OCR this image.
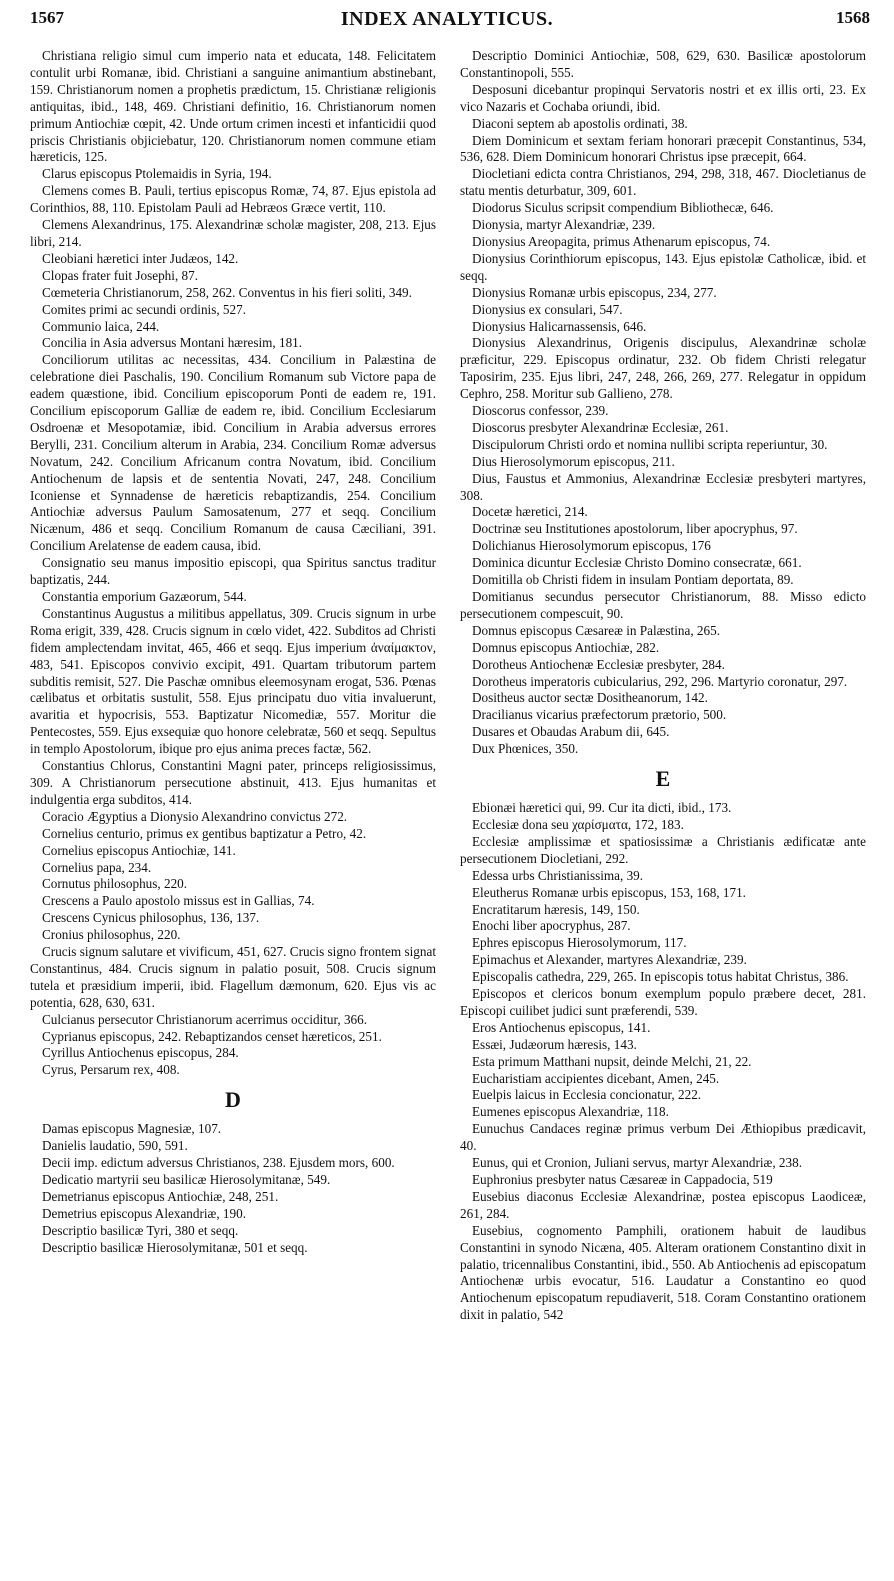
1567	INDEX ANALYTICUS.	1568

Christiana religio simul cum imperio nata et educata, 148. Felicitatem contulit urbi Romanæ, ibid. Christiani a sanguine animantium abstinebant, 159. Christianorum nomen a prophetis prædictum, 15. Christianæ religionis antiquitas, ibid., 148, 469. Christiani definitio, 16. Christianorum nomen primum Antiochiæ cœpit, 42. Unde ortum crimen incesti et infanticidii quod priscis Christianis objiciebatur, 120. Christianorum nomen commune etiam hæreticis, 125.

Clarus episcopus Ptolemaidis in Syria, 194.

Clemens comes B. Pauli, tertius episcopus Romæ, 74, 87. Ejus epistola ad Corinthios, 88, 110. Epistolam Pauli ad Hebræos Græce vertit, 110.

Clemens Alexandrinus, 175. Alexandrinæ scholæ magister, 208, 213. Ejus libri, 214.

Cleobiani hæretici inter Judæos, 142.

Clopas frater fuit Josephi, 87.

Cœmeteria Christianorum, 258, 262. Conventus in his fieri soliti, 349.

Comites primi ac secundi ordinis, 527.

Communio laica, 244.

Concilia in Asia adversus Montani hæresim, 181.

Conciliorum utilitas ac necessitas, 434. Concilium in Palæstina de celebratione diei Paschalis, 190. Concilium Romanum sub Victore papa de eadem quæstione, ibid. Concilium episcoporum Ponti de eadem re, 191. Concilium episcoporum Galliæ de eadem re, ibid. Concilium Ecclesiarum Osdroenæ et Mesopotamiæ, ibid. Concilium in Arabia adversus errores Berylli, 231. Concilium alterum in Arabia, 234. Concilium Romæ adversus Novatum, 242. Concilium Africanum contra Novatum, ibid. Concilium Antiochenum de lapsis et de sententia Novati, 247, 248. Concilium Iconiense et Synnadense de hæreticis rebaptizandis, 254. Concilium Antiochiæ adversus Paulum Samosatenum, 277 et seqq. Concilium Nicænum, 486 et seqq. Concilium Romanum de causa Cæciliani, 391. Concilium Arelatense de eadem causa, ibid.

Consignatio seu manus impositio episcopi, qua Spiritus sanctus traditur baptizatis, 244.

Constantia emporium Gazæorum, 544.

Constantinus Augustus a militibus appellatus, 309. Crucis signum in urbe Roma erigit, 339, 428. Crucis signum in cœlo videt, 422. Subditos ad Christi fidem amplectendam invitat, 465, 466 et seqq. Ejus imperium ἀναίμακτον, 483, 541. Episcopos convivio excipit, 491. Quartam tributorum partem subditis remisit, 527. Die Paschæ omnibus eleemosynam erogat, 536. Pœnas cælibatus et orbitatis sustulit, 558. Ejus principatu duo vitia invaluerunt, avaritia et hypocrisis, 553. Baptizatur Nicomediæ, 557. Moritur die Pentecostes, 559. Ejus exsequiæ quo honore celebratæ, 560 et seqq. Sepultus in templo Apostolorum, ibique pro ejus anima preces factæ, 562.

Constantius Chlorus, Constantini Magni pater, princeps religiosissimus, 309. A Christianorum persecutione abstinuit, 413. Ejus humanitas et indulgentia erga subditos, 414.

Coracio Ægyptius a Dionysio Alexandrino convictus 272.

Cornelius centurio, primus ex gentibus baptizatur a Petro, 42.

Cornelius episcopus Antiochiæ, 141.

Cornelius papa, 234.

Cornutus philosophus, 220.

Crescens a Paulo apostolo missus est in Gallias, 74.

Crescens Cynicus philosophus, 136, 137.

Cronius philosophus, 220.

Crucis signum salutare et vivificum, 451, 627. Crucis signo frontem signat Constantinus, 484. Crucis signum in palatio posuit, 508. Crucis signum tutela et præsidium imperii, ibid. Flagellum dæmonum, 620. Ejus vis ac potentia, 628, 630, 631.

Culcianus persecutor Christianorum acerrimus occiditur, 366.

Cyprianus episcopus, 242. Rebaptizandos censet hæreticos, 251.

Cyrillus Antiochenus episcopus, 284.

Cyrus, Persarum rex, 408.

D

Damas episcopus Magnesiæ, 107.

Danielis laudatio, 590, 591.

Decii imp. edictum adversus Christianos, 238. Ejusdem mors, 600.

Dedicatio martyrii seu basilicæ Hierosolymitanæ, 549.

Demetrianus episcopus Antiochiæ, 248, 251.

Demetrius episcopus Alexandriæ, 190.

Descriptio basilicæ Tyri, 380 et seqq.

Descriptio basilicæ Hierosolymitanæ, 501 et seqq.

Descriptio Dominici Antiochiæ, 508, 629, 630. Basilicæ apostolorum Constantinopoli, 555.

Desposuni dicebantur propinqui Servatoris nostri et ex illis orti, 23. Ex vico Nazaris et Cochaba oriundi, ibid.

Diaconi septem ab apostolis ordinati, 38.

Diem Dominicum et sextam feriam honorari præcepit Constantinus, 534, 536, 628. Diem Dominicum honorari Christus ipse præcepit, 664.

Diocletiani edicta contra Christianos, 294, 298, 318, 467. Diocletianus de statu mentis deturbatur, 309, 601.

Diodorus Siculus scripsit compendium Bibliothecæ, 646.

Dionysia, martyr Alexandriæ, 239.

Dionysius Areopagita, primus Athenarum episcopus, 74.

Dionysius Corinthiorum episcopus, 143. Ejus epistolæ Catholicæ, ibid. et seqq.

Dionysius Romanæ urbis episcopus, 234, 277.

Dionysius ex consulari, 547.

Dionysius Halicarnassensis, 646.

Dionysius Alexandrinus, Origenis discipulus, Alexandrinæ scholæ præficitur, 229. Episcopus ordinatur, 232. Ob fidem Christi relegatur Taposirim, 235. Ejus libri, 247, 248, 266, 269, 277. Relegatur in oppidum Cephro, 258. Moritur sub Gallieno, 278.

Dioscorus confessor, 239.

Dioscorus presbyter Alexandrinæ Ecclesiæ, 261.

Discipulorum Christi ordo et nomina nullibi scripta reperiuntur, 30.

Dius Hierosolymorum episcopus, 211.

Dius, Faustus et Ammonius, Alexandrinæ Ecclesiæ presbyteri martyres, 308.

Docetæ hæretici, 214.

Doctrinæ seu Institutiones apostolorum, liber apocryphus, 97.

Dolichianus Hierosolymorum episcopus, 176

Dominica dicuntur Ecclesiæ Christo Domino consecratæ, 661.

Domitilla ob Christi fidem in insulam Pontiam deportata, 89.

Domitianus secundus persecutor Christianorum, 88. Misso edicto persecutionem compescuit, 90.

Domnus episcopus Cæsareæ in Palæstina, 265.

Domnus episcopus Antiochiæ, 282.

Dorotheus Antiochenæ Ecclesiæ presbyter, 284.

Dorotheus imperatoris cubicularius, 292, 296. Martyrio coronatur, 297.

Dositheus auctor sectæ Dositheanorum, 142.

Dracilianus vicarius præfectorum prætorio, 500.

Dusares et Obaudas Arabum dii, 645.

Dux Phœnices, 350.

E

Ebionæi hæretici qui, 99. Cur ita dicti, ibid., 173.

Ecclesiæ dona seu χαρίσματα, 172, 183.

Ecclesiæ amplissimæ et spatiosissimæ a Christianis ædificatæ ante persecutionem Diocletiani, 292.

Edessa urbs Christianissima, 39.

Eleutherus Romanæ urbis episcopus, 153, 168, 171.

Encratitarum hæresis, 149, 150.

Enochi liber apocryphus, 287.

Ephres episcopus Hierosolymorum, 117.

Epimachus et Alexander, martyres Alexandriæ, 239.

Episcopalis cathedra, 229, 265. In episcopis totus habitat Christus, 386.

Episcopos et clericos bonum exemplum populo præbere decet, 281. Episcopi cuilibet judici sunt præferendi, 539.

Eros Antiochenus episcopus, 141.

Essæi, Judæorum hæresis, 143.

Esta primum Matthani nupsit, deinde Melchi, 21, 22.

Eucharistiam accipientes dicebant, Amen, 245.

Euelpis laicus in Ecclesia concionatur, 222.

Eumenes episcopus Alexandriæ, 118.

Eunuchus Candaces reginæ primus verbum Dei Æthiopibus prædicavit, 40.

Eunus, qui et Cronion, Juliani servus, martyr Alexandriæ, 238.

Euphronius presbyter natus Cæsareæ in Cappadocia, 519

Eusebius diaconus Ecclesiæ Alexandrinæ, postea episcopus Laodiceæ, 261, 284.

Eusebius, cognomento Pamphili, orationem habuit de laudibus Constantini in synodo Nicæna, 405. Alteram orationem Constantino dixit in palatio, tricennalibus Constantini, ibid., 550. Ab Antiochenis ad episcopatum Antiochenæ urbis evocatur, 516. Laudatur a Constantino eo quod Antiochenum episcopatum repudiaverit, 518. Coram Constantino orationem dixit in palatio, 542
